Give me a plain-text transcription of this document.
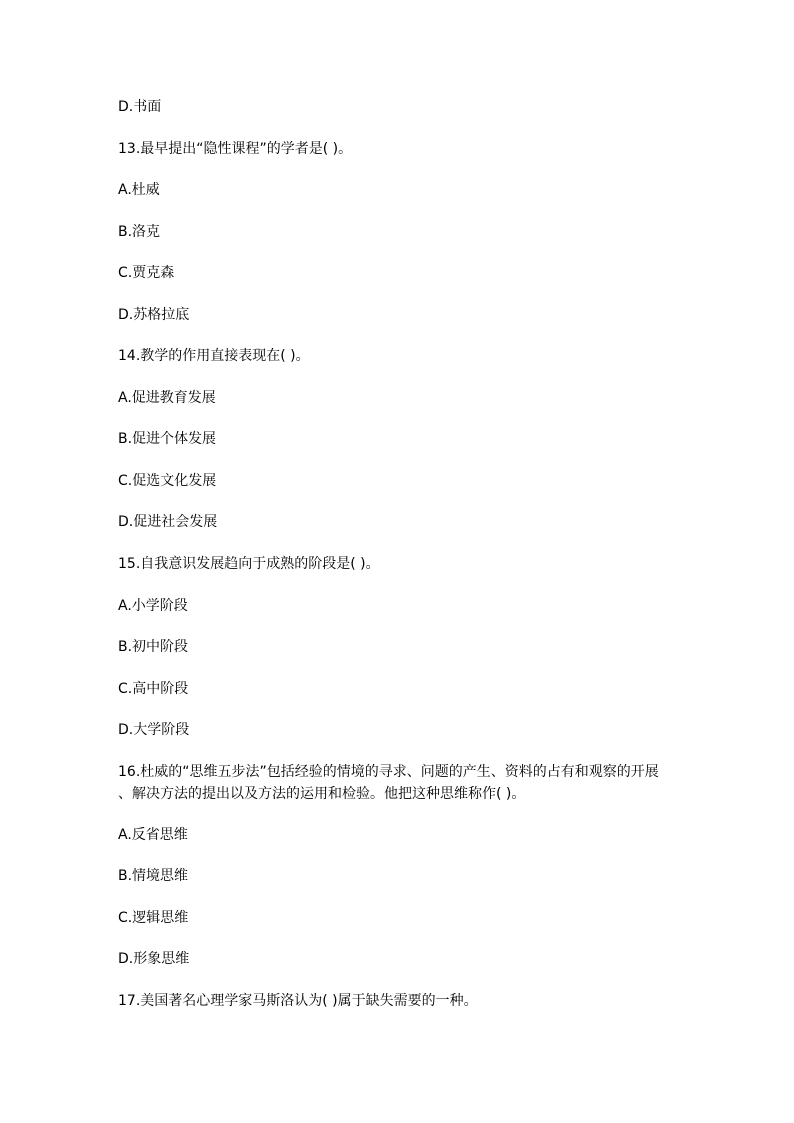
D.书面
13.最早提出“隐性课程”的学者是( )。
A.杜威
B.洛克
C.贾克森
D.苏格拉底
14.教学的作用直接表现在( )。
A.促进教育发展
B.促进个体发展
C.促选文化发展
D.促进社会发展
15.自我意识发展趋向于成熟的阶段是( )。
A.小学阶段
B.初中阶段
C.高中阶段
D.大学阶段
16.杜威的“思维五步法”包括经验的情境的寻求、问题的产生、资料的占有和观察的开展
、解决方法的提出以及方法的运用和检验。他把这种思维称作( )。
A.反省思维
B.情境思维
C.逻辑思维
D.形象思维
17.美国著名心理学家马斯洛认为( )属于缺失需要的一种。
